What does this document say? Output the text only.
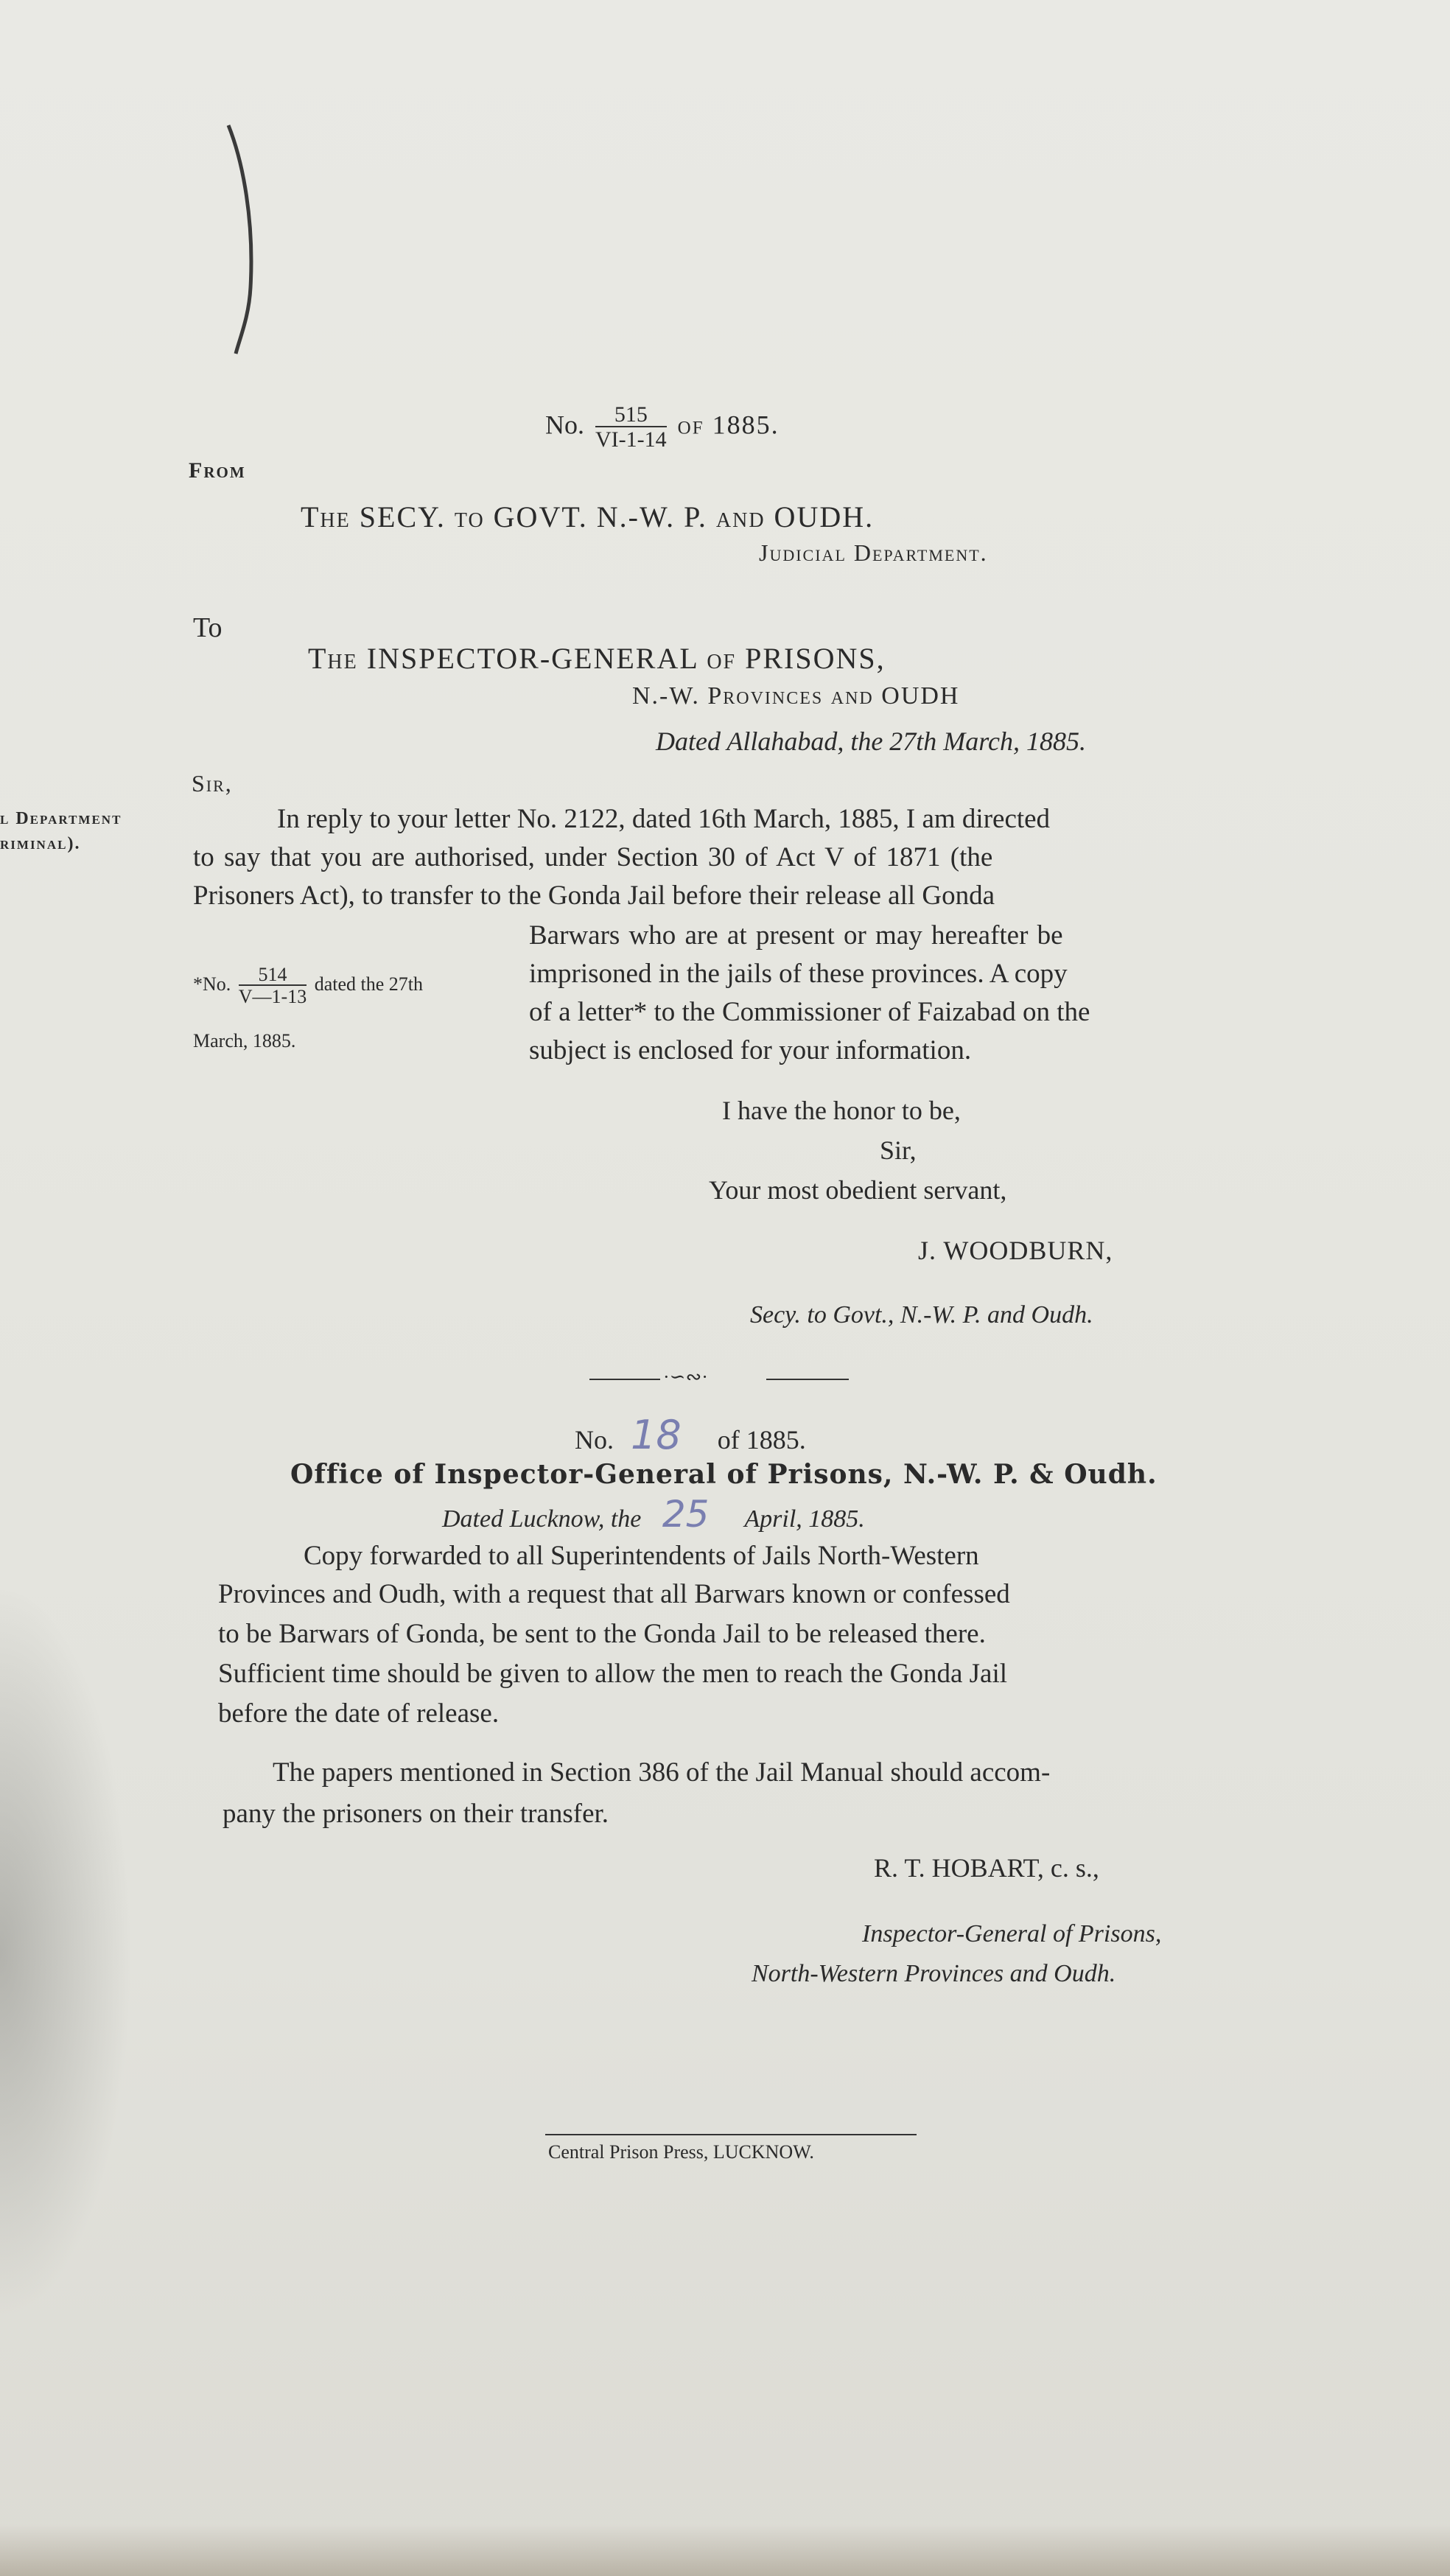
No. $\frac{515}{VI-1-14}$ of 1885.
From
The SECY. to GOVT. N.-W. P. and OUDH.
Judicial Department.
To
The INSPECTOR-GENERAL of PRISONS,
N.-W. Provinces and OUDH
Dated Allahabad, the 27th March, 1885.
Sir,
l Department
riminal).
In reply to your letter No. 2122, dated 16th March, 1885, I am directed
to say that you are authorised, under Section 30 of Act V of 1871 (the
Prisoners Act), to transfer to the Gonda Jail before their release all Gonda
Barwars who are at present or may hereafter be
imprisoned in the jails of these provinces. A copy
of a letter* to the Commissioner of Faizabad on the
subject is enclosed for your information.
*No. $\frac{514}{V—1-13}$ dated the 27th
March, 1885.
I have the honor to be,
Sir,
Your most obedient servant,
J. WOODBURN,
Secy. to Govt., N.-W. P. and Oudh.
·∽∾·
No. 18 of 1885.
Office of Inspector-General of Prisons, N.-W. P. & Oudh.
Dated Lucknow, the 25 April, 1885.
Copy forwarded to all Superintendents of Jails North-Western
Provinces and Oudh, with a request that all Barwars known or confessed
to be Barwars of Gonda, be sent to the Gonda Jail to be released there.
Sufficient time should be given to allow the men to reach the Gonda Jail
before the date of release.
The papers mentioned in Section 386 of the Jail Manual should accom-
pany the prisoners on their transfer.
R. T. HOBART, c. s.,
Inspector-General of Prisons,
North-Western Provinces and Oudh.
Central Prison Press, LUCKNOW.
